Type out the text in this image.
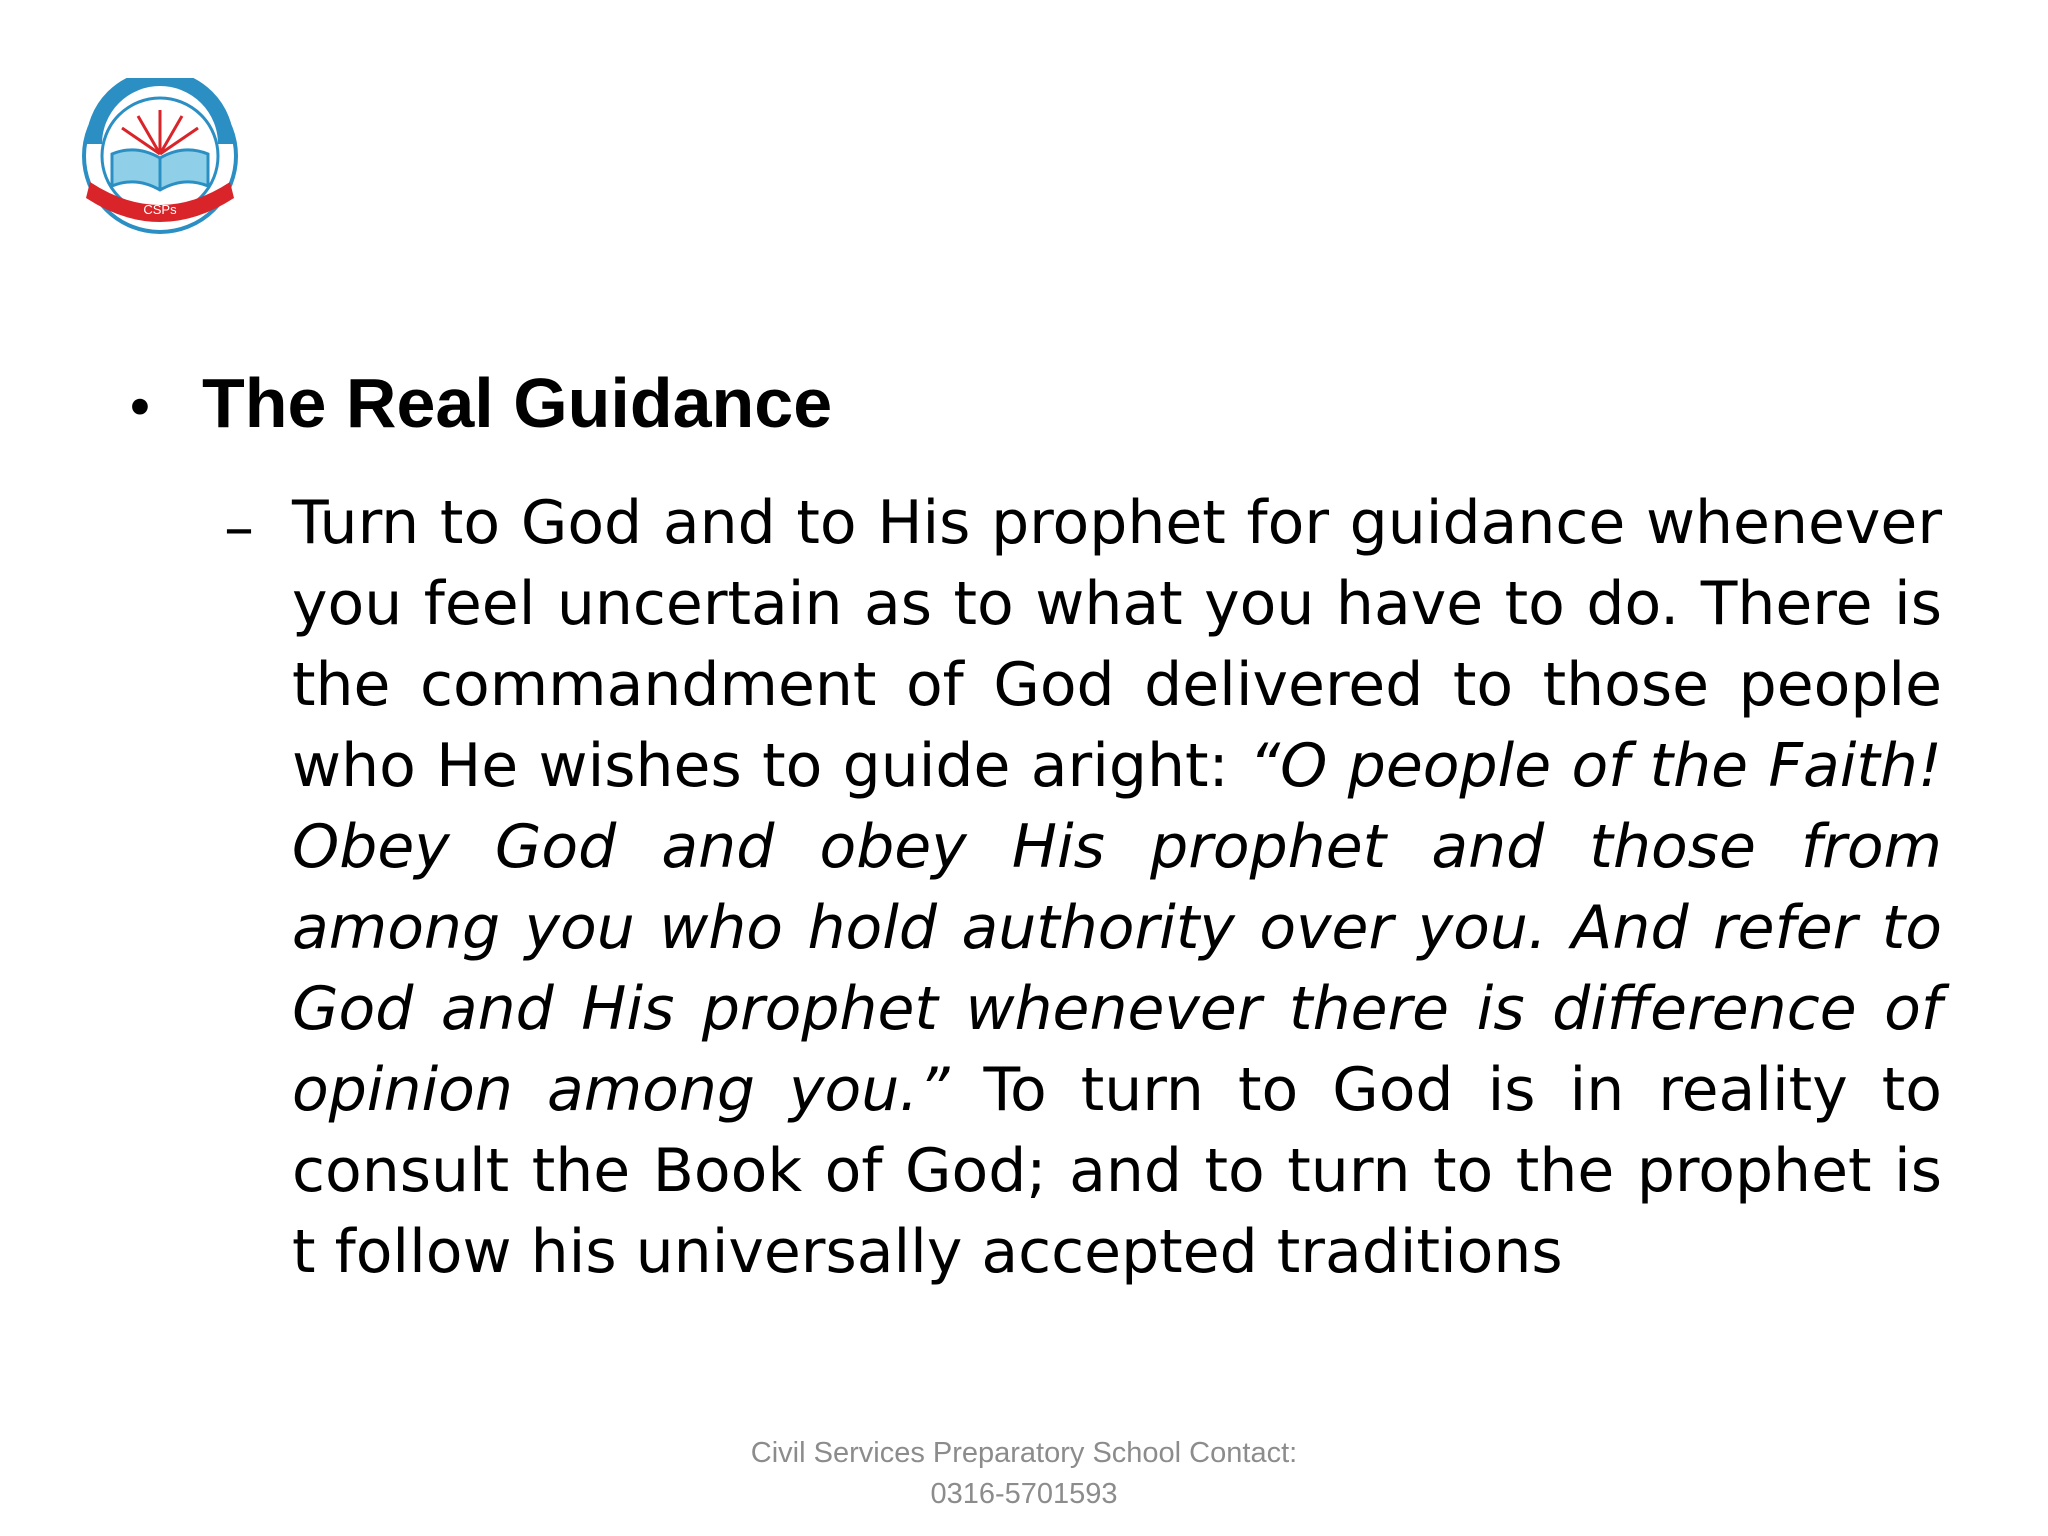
CSPs
• The Real Guidance
– Turn to God and to His prophet for guidance whenever you feel uncertain as to what you have to do. There is the commandment of God delivered to those people who He wishes to guide aright: “O people of the Faith! Obey God and obey His prophet and those from among you who hold authority over you. And refer to God and His prophet whenever there is difference of opinion among you.” To turn to God is in reality to consult the Book of God; and to turn to the prophet is t follow his universally accepted traditions
Civil Services Preparatory School Contact:
0316-5701593
